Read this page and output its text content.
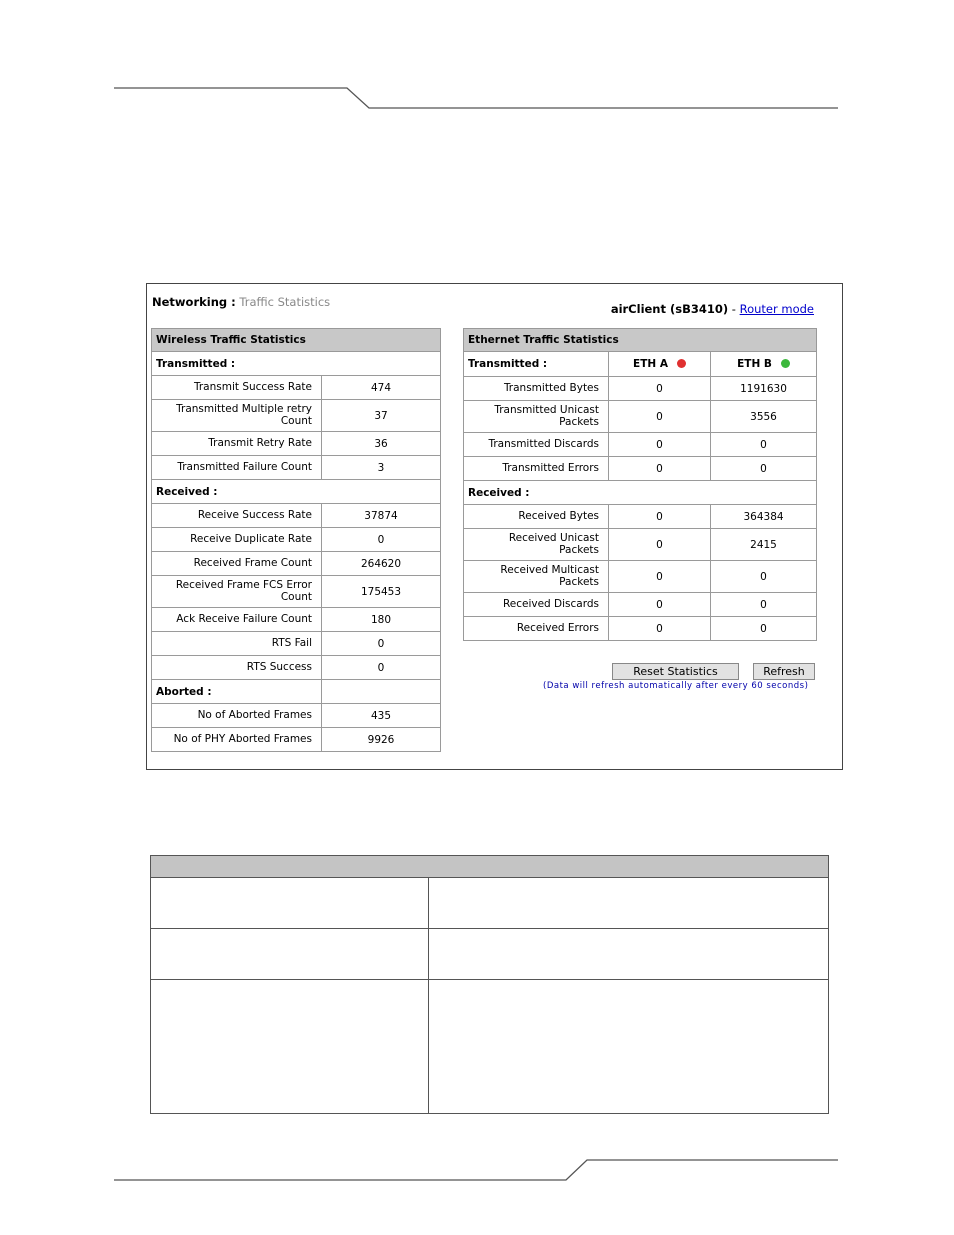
Networking : Traffic Statistics	airClient (sB3410) - Router mode
Wireless Traffic Statistics	
Transmitted :	
Transmit Success Rate	474
Transmitted Multiple retry Count	37
Transmit Retry Rate	36
Transmitted Failure Count	3
Received :	
Receive Success Rate	37874
Receive Duplicate Rate	0
Received Frame Count	264620
Received Frame FCS Error Count	175453
Ack Receive Failure Count	180
RTS Fail	0
RTS Success	0
Aborted :	
No of Aborted Frames	435
No of PHY Aborted Frames	9926
Ethernet Traffic Statistics		
Transmitted :	ETH A	ETH B
Transmitted Bytes	0	1191630
Transmitted Unicast Packets	0	3556
Transmitted Discards	0	0
Transmitted Errors	0	0
Received :		
Received Bytes	0	364384
Received Unicast Packets	0	2415
Received Multicast Packets	0	0
Received Discards	0	0
Received Errors	0	0
Reset Statistics	Refresh
(Data will refresh automatically after every 60 seconds)
